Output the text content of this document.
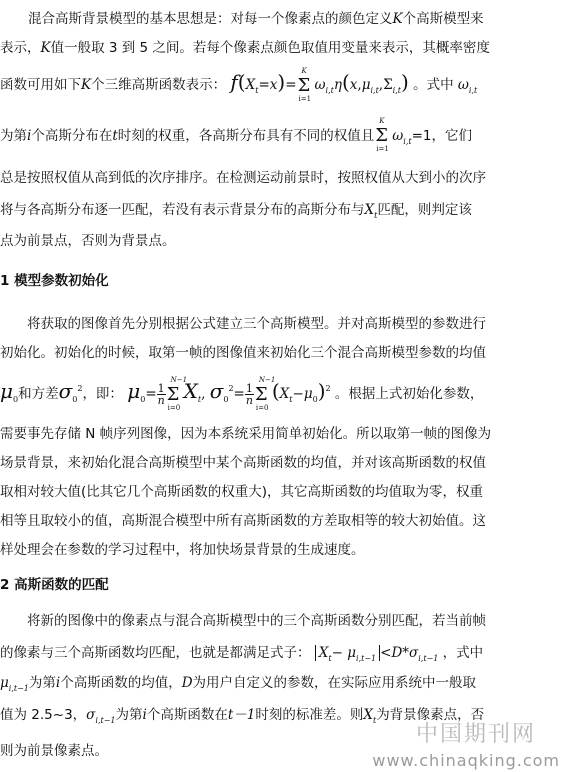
混合高斯背景模型的基本思想是：对每一个像素点的颜色定义K个高斯模型来
表示，K值一般取 3 到 5 之间。若每个像素点颜色取值用变量来表示，其概率密度
函数可用如下K个三维高斯函数表示： $f(X_t=x)=$
K
Σ
i=1
$\omega_{i,t}\eta(x,\mu_{i,t},\Sigma_{i,t})$ 。式中 $\omega_{i,t}$
为第i个高斯分布在t时刻的权重，各高斯分布具有不同的权值且
K
Σ
i=1
$\omega_{i,t}=1$，它们
总是按照权值从高到低的次序排序。在检测运动前景时，按照权值从大到小的次序
将与各高斯分布逐一匹配，若没有表示背景分布的高斯分布与$X_t$匹配，则判定该
点为前景点，否则为背景点。
1 模型参数初始化
　　将获取的图像首先分别根据公式建立三个高斯模型。并对高斯模型的参数进行
初始化。初始化的时候，取第一帧的图像值来初始化三个混合高斯模型参数的均值
$\mu_0$和方差$\sigma_0^2$，即： $\mu_0= \frac{1}{n}$
N−1
Σ
i=0
$X_t$, $\sigma_0^2= \frac{1}{n}$
N−1
Σ
i=0
$(X_t-\mu_0)^2$ 。根据上式初始化参数，
需要事先存储 N 帧序列图像，因为本系统采用简单初始化。所以取第一帧的图像为
场景背景，来初始化混合高斯模型中某个高斯函数的均值，并对该高斯函数的权值
取相对较大值(比其它几个高斯函数的权重大)，其它高斯函数的均值取为零，权重
相等且取较小的值，高斯混合模型中所有高斯函数的方差取相等的较大初始值。这
样处理会在参数的学习过程中，将加快场景背景的生成速度。
2 高斯函数的匹配
　　将新的图像中的像素点与混合高斯模型中的三个高斯函数分别匹配，若当前帧
的像素与三个高斯函数均匹配，也就是都满足式子： $X_t- \mu_{i,t-1} <D*\sigma_{i,t-1}$ ，式中
$\mu_{i,t-1}$为第i个高斯函数的均值，D为用户自定义的参数，在实际应用系统中一般取
值为 2.5~3，$\sigma_{i,t-1}$为第i个高斯函数在t－1时刻的标准差。则$X_t$为背景像素点，否
则为前景像素点。
中国期刊网
www.chinaqking.com
